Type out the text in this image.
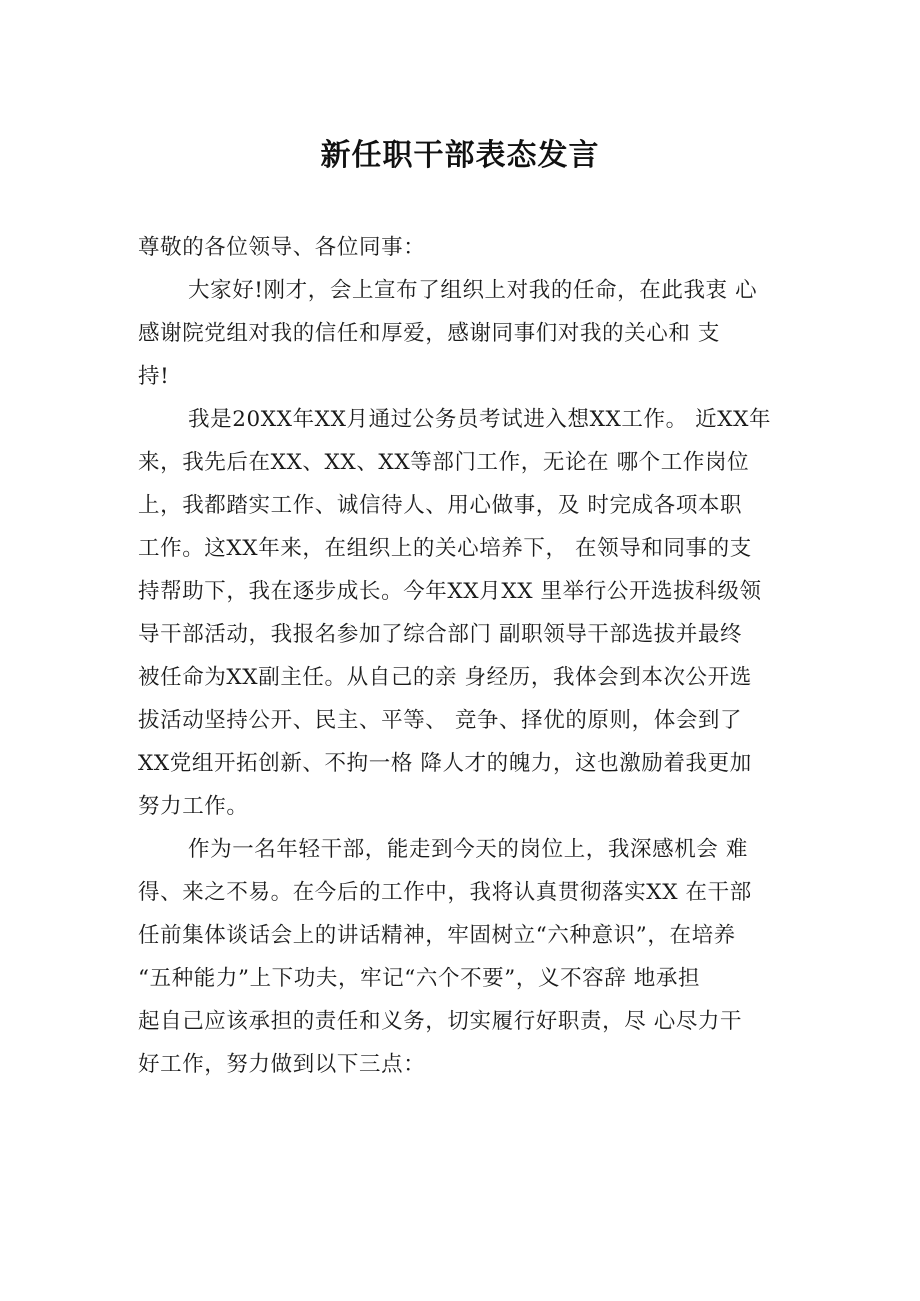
新任职干部表态发言
尊敬的各位领导、各位同事：
大家好!刚才，会上宣布了组织上对我的任命，在此我衷 心
感谢院党组对我的信任和厚爱，感谢同事们对我的关心和 支
持!
我是20XX年XX月通过公务员考试进入想XX工作。 近XX年
来，我先后在XX、XX、XX等部门工作，无论在 哪个工作岗位
上，我都踏实工作、诚信待人、用心做事，及 时完成各项本职
工作。这XX年来，在组织上的关心培养下， 在领导和同事的支
持帮助下，我在逐步成长。今年XX月XX 里举行公开选拔科级领
导干部活动，我报名参加了综合部门 副职领导干部选拔并最终
被任命为XX副主任。从自己的亲 身经历，我体会到本次公开选
拔活动坚持公开、民主、平等、 竞争、择优的原则，体会到了
XX党组开拓创新、不拘一格 降人才的魄力，这也激励着我更加
努力工作。
作为一名年轻干部，能走到今天的岗位上，我深感机会 难
得、来之不易。在今后的工作中，我将认真贯彻落实XX 在干部
任前集体谈话会上的讲话精神，牢固树立“六种意识”，在培养
“五种能力”上下功夫，牢记“六个不要”，义不容辞 地承担
起自己应该承担的责任和义务，切实履行好职责，尽 心尽力干
好工作，努力做到以下三点：
